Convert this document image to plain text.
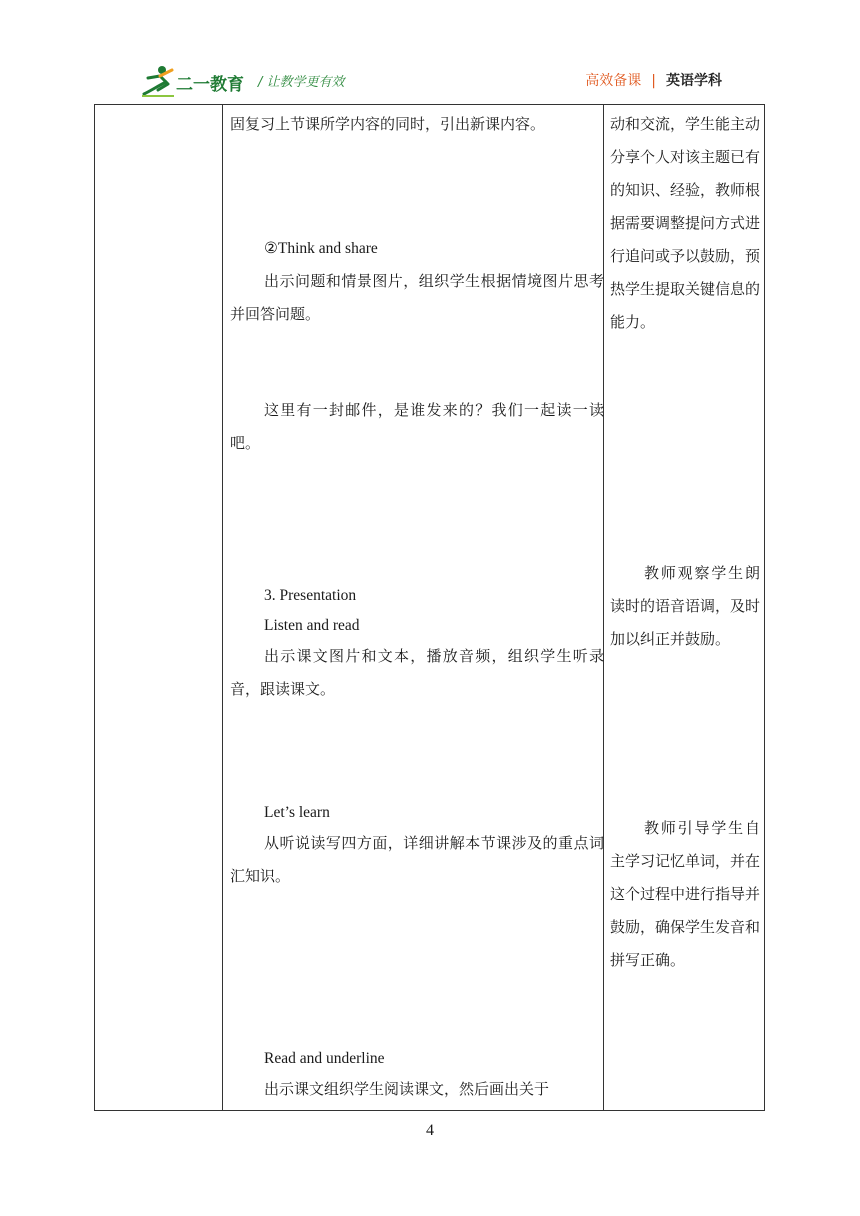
二一教育 / 让教学更有效	高效备课 | 英语学科

固复习上节课所学内容的同时，引出新课内容。

②Think and share

出示问题和情景图片，组织学生根据情境图片思考并回答问题。

这里有一封邮件，是谁发来的？我们一起读一读吧。

3. Presentation

Listen and read

出示课文图片和文本，播放音频，组织学生听录音，跟读课文。

Let’s learn

从听说读写四方面，详细讲解本节课涉及的重点词汇知识。

Read and underline

出示课文组织学生阅读课文，然后画出关于

动和交流，学生能主动分享个人对该主题已有的知识、经验，教师根据需要调整提问方式进行追问或予以鼓励，预热学生提取关键信息的能力。

教师观察学生朗读时的语音语调，及时加以纠正并鼓励。

教师引导学生自主学习记忆单词，并在这个过程中进行指导并鼓励，确保学生发音和拼写正确。

4
